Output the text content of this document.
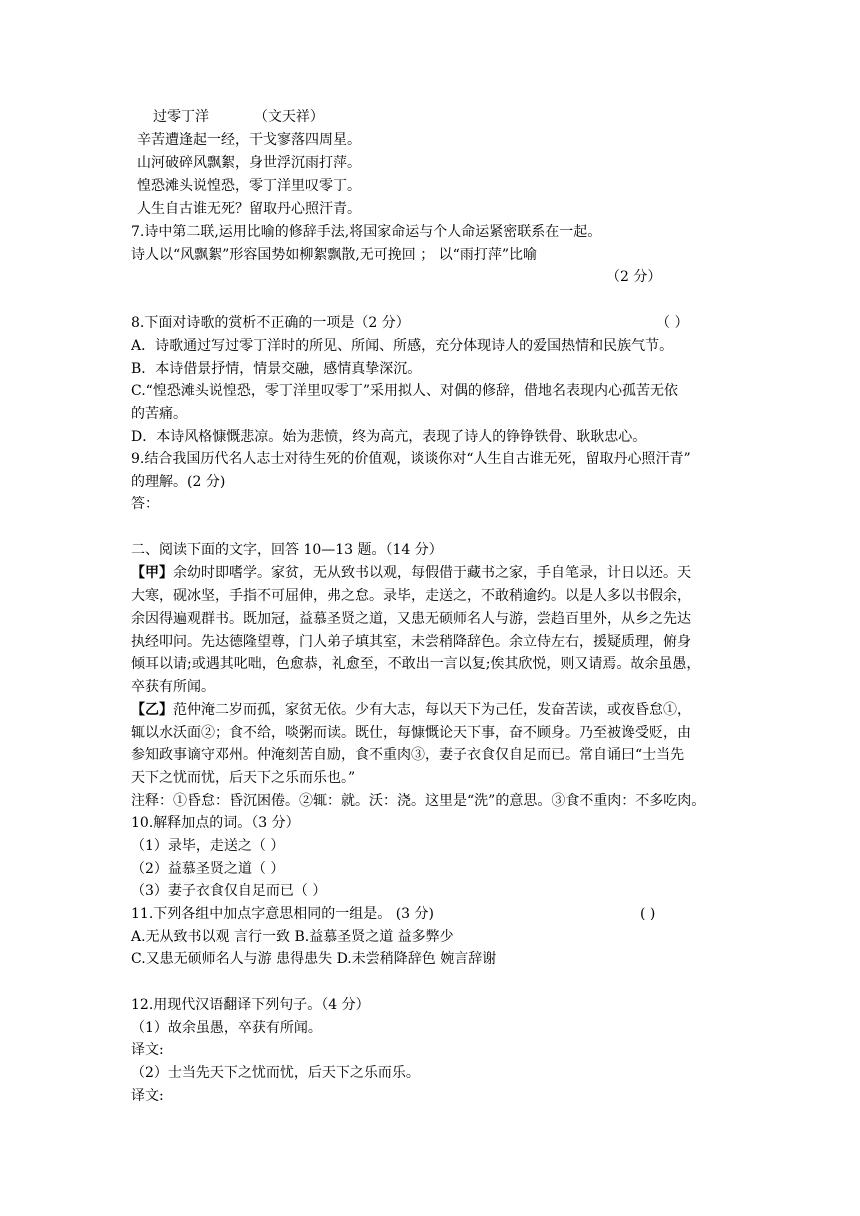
过零丁洋	（文天祥）
辛苦遭逢起一经，干戈寥落四周星。
山河破碎风飘絮，身世浮沉雨打萍。
惶恐滩头说惶恐，零丁洋里叹零丁。
人生自古谁无死？留取丹心照汗青。
7.诗中第二联,运用比喻的修辞手法,将国家命运与个人命运紧密联系在一起。
诗人以“风飘絮”形容国势如柳絮飘散,无可挽回 ； 以“雨打萍”比喻
（2 分）
8.下面对诗歌的赏析不正确的一项是（2 分）	（ ）
A．诗歌通过写过零丁洋时的所见、所闻、所感，充分体现诗人的爱国热情和民族气节。
B．本诗借景抒情，情景交融，感情真挚深沉。
C.“惶恐滩头说惶恐，零丁洋里叹零丁”采用拟人、对偶的修辞，借地名表现内心孤苦无依
的苦痛。
D．本诗风格慷慨悲凉。始为悲愤，终为高亢，表现了诗人的铮铮铁骨、耿耿忠心。
9.结合我国历代名人志士对待生死的价值观，谈谈你对“人生自古谁无死，留取丹心照汗青”
的理解。(2 分)
答：
二、阅读下面的文字，回答 10—13 题。（14 分）
【甲】余幼时即嗜学。家贫，无从致书以观，每假借于藏书之家，手自笔录，计日以还。天
大寒，砚冰坚，手指不可屈伸，弗之怠。录毕，走送之，不敢稍逾约。以是人多以书假余，
余因得遍观群书。既加冠，益慕圣贤之道，又患无硕师名人与游，尝趋百里外，从乡之先达
执经叩问。先达德隆望尊，门人弟子填其室，未尝稍降辞色。余立侍左右，援疑质理，俯身
倾耳以请;或遇其叱咄，色愈恭，礼愈至，不敢出一言以复;俟其欣悦，则又请焉。故余虽愚，
卒获有所闻。
【乙】范仲淹二岁而孤，家贫无依。少有大志，每以天下为己任，发奋苦读，或夜昏怠①，
辄以水沃面②；食不给，啖粥而读。既仕，每慷慨论天下事，奋不顾身。乃至被谗受贬，由
参知政事谪守邓州。仲淹刻苦自励，食不重肉③，妻子衣食仅自足而已。常自诵曰“士当先
天下之忧而忧，后天下之乐而乐也。”
注释：①昏怠：昏沉困倦。②辄：就。沃：浇。这里是“洗”的意思。③食不重肉：不多吃肉。
10.解释加点的词。（3 分）
（1）录毕，走送之（ ）
（2）益慕圣贤之道（ ）
（3）妻子衣食仅自足而已（ ）
11.下列各组中加点字意思相同的一组是。 (3 分)	( )
A.无从致书以观 言行一致 B.益慕圣贤之道 益多弊少
C.又患无硕师名人与游 患得患失 D.未尝稍降辞色 婉言辞谢
12.用现代汉语翻译下列句子。（4 分）
（1）故余虽愚，卒获有所闻。
译文:
（2）士当先天下之忧而忧，后天下之乐而乐。
译文:
